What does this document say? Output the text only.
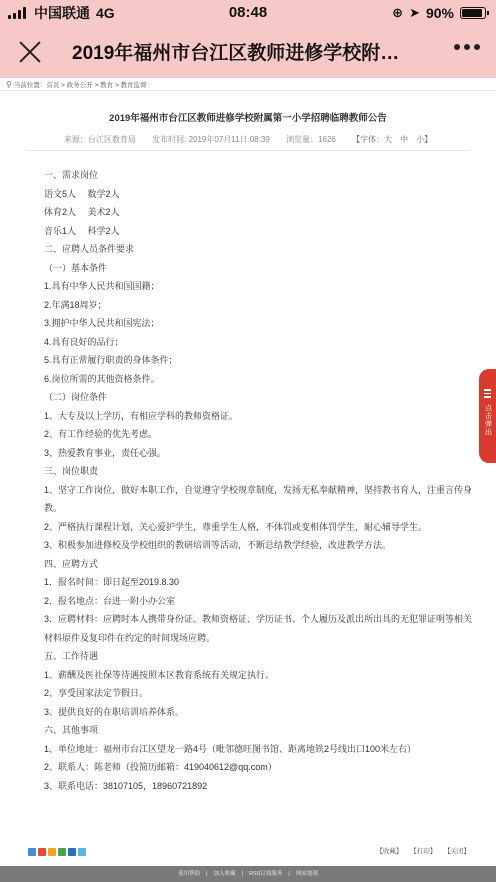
中国联通 4G	08:48	⊕ ➤ 90%
2019年福州市台江区教师进修学校附…
⚲ 当前位置：首页 > 政务公开 > 教育 > 教育监督
2019年福州市台江区教师进修学校附属第一小学招聘临聘教师公告
来源：台江区教育局 发布时间: 2019年07月11日 08:39 浏览量：1626 【字体：大　中　小】
一、需求岗位
语文5人　 数学2人
体育2人　 美术2人
音乐1人　 科学2人
二、应聘人员条件要求
（一）基本条件
1.具有中华人民共和国国籍；
2.年满18周岁；
3.拥护中华人民共和国宪法；
4.具有良好的品行；
5.具有正常履行职责的身体条件；
6.岗位所需的其他资格条件。
（二）岗位条件
1、大专及以上学历，有相应学科的教师资格证。
2、有工作经验的优先考虑。
3、热爱教育事业，责任心强。
三、岗位职责
1、坚守工作岗位，做好本职工作，自觉遵守学校规章制度，发扬无私奉献精神，坚持教书育人，注重言传身教。
2、严格执行课程计划，关心爱护学生，尊重学生人格，不体罚或变相体罚学生，耐心辅导学生。
3、积极参加进修校及学校组织的教研培训等活动，不断总结教学经验，改进教学方法。
四、应聘方式
1．报名时间：即日起至2019.8.30
2．报名地点：台进一附小办公室
3．应聘材料：应聘时本人携带身份证、教师资格证、学历证书、个人履历及派出所出具的无犯罪证明等相关材料原件及复印件在约定的时间现场应聘。
五、工作待遇
1、薪酬及医社保等待遇按照本区教育系统有关规定执行。
2、享受国家法定节假日。
3、提供良好的在职培训培养体系。
六、其他事项
1、单位地址：福州市台江区望龙一路4号（毗邻德旺图书馆、距离地铁2号线出口100米左右）
2、联系人：陈老师（投简历邮箱：419040612@qq.com）
3、联系电话：38107105，18960721892
【收藏】 【打印】 【关闭】
使用帮助 | 加入收藏 | RSS订阅服务 | 网站地图
点击弹出
